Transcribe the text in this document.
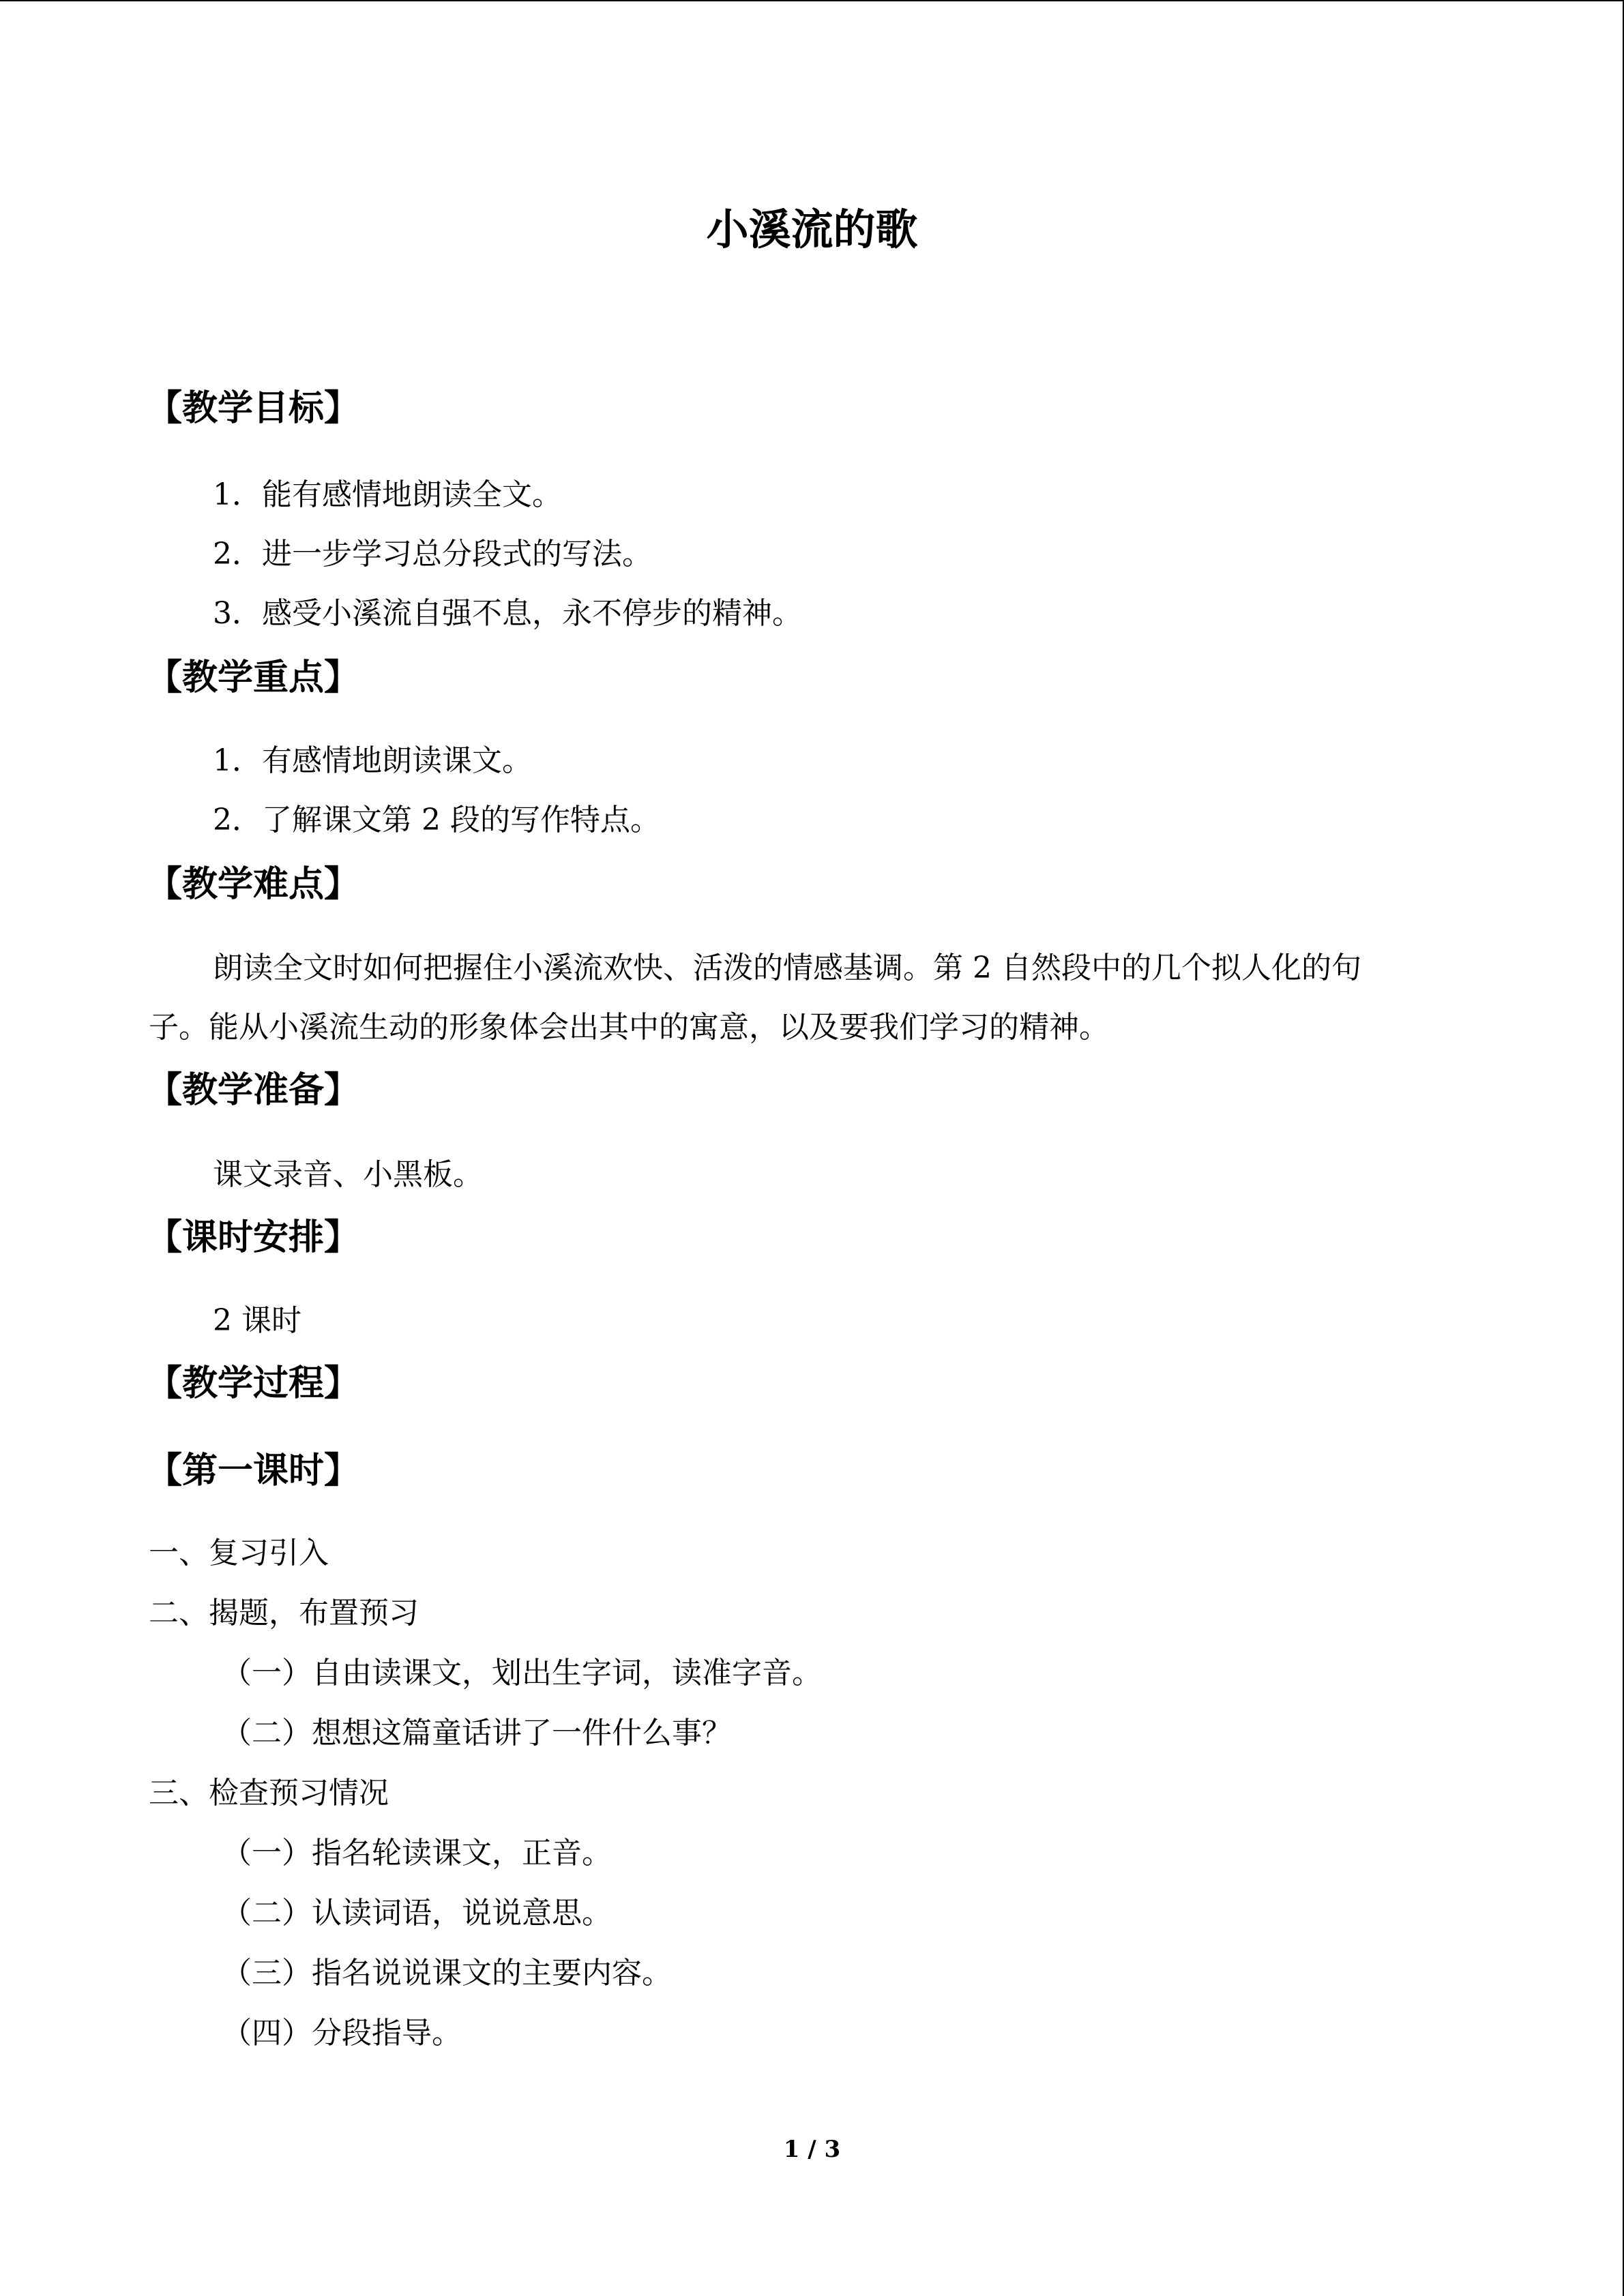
小溪流的歌
【教学目标】
1．能有感情地朗读全文。
2．进一步学习总分段式的写法。
3．感受小溪流自强不息，永不停步的精神。
【教学重点】
1．有感情地朗读课文。
2．了解课文第 2 段的写作特点。
【教学难点】
朗读全文时如何把握住小溪流欢快、活泼的情感基调。第 2 自然段中的几个拟人化的句
子。能从小溪流生动的形象体会出其中的寓意，以及要我们学习的精神。
【教学准备】
课文录音、小黑板。
【课时安排】
2 课时
【教学过程】
【第一课时】
一、复习引入
二、揭题，布置预习
（一）自由读课文，划出生字词，读准字音。
（二）想想这篇童话讲了一件什么事？
三、检查预习情况
（一）指名轮读课文，正音。
（二）认读词语，说说意思。
（三）指名说说课文的主要内容。
（四）分段指导。
1 / 3
